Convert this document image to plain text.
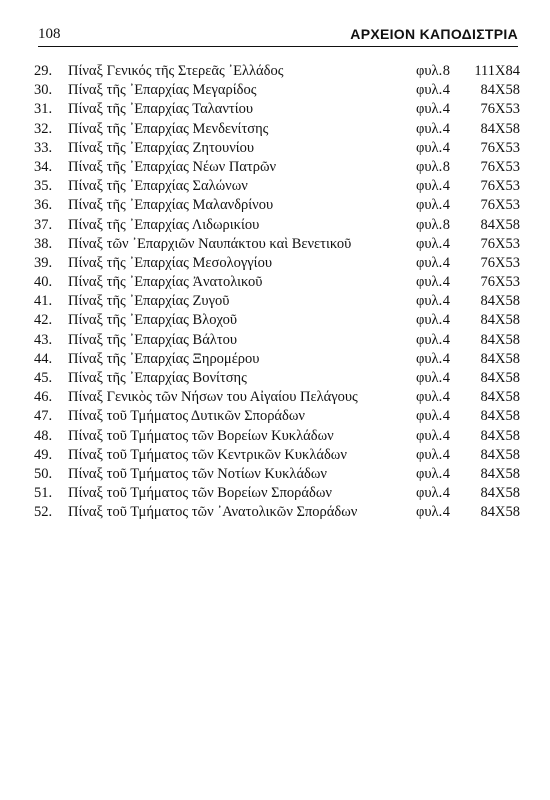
108	ΑΡΧΕΙΟΝ ΚΑΠΟΔΙΣΤΡΙΑ
29.	Πίναξ Γενικός τῆς Στερεᾶς ᾿Ελλάδος	φυλ. 8 111Χ84
30.	Πίναξ τῆς ᾿Επαρχίας Μεγαρίδος	φυλ. 4 84Χ58
31.	Πίναξ τῆς ᾿Επαρχίας Ταλαντίου	φυλ. 4 76Χ53
32.	Πίναξ τῆς ᾿Επαρχίας Μενδενίτσης	φυλ. 4 84Χ58
33.	Πίναξ τῆς ᾿Επαρχίας Ζητουνίου	φυλ. 4 76Χ53
34.	Πίναξ τῆς ᾿Επαρχίας Νέων Πατρῶν	φυλ. 8 76Χ53
35.	Πίναξ τῆς ᾿Επαρχίας Σαλώνων	φυλ. 4 76Χ53
36.	Πίναξ τῆς ᾿Επαρχίας Μαλανδρίνου	φυλ. 4 76Χ53
37.	Πίναξ τῆς ᾿Επαρχίας Λιδωρικίου	φυλ. 8 84Χ58
38.	Πίναξ τῶν ᾿Επαρχιῶν Ναυπάκτου καὶ Βενετικοῦ	φυλ. 4 76Χ53
39.	Πίναξ τῆς ᾿Επαρχίας Μεσολογγίου	φυλ. 4 76Χ53
40.	Πίναξ τῆς ᾿Επαρχίας Ἀνατολικοῦ	φυλ. 4 76Χ53
41.	Πίναξ τῆς ᾿Επαρχίας Ζυγοῦ	φυλ. 4 84Χ58
42.	Πίναξ τῆς ᾿Επαρχίας Βλοχοῦ	φυλ. 4 84Χ58
43.	Πίναξ τῆς ᾿Επαρχίας Βάλτου	φυλ. 4 84Χ58
44.	Πίναξ τῆς ᾿Επαρχίας Ξηρομέρου	φυλ. 4 84Χ58
45.	Πίναξ τῆς ᾿Επαρχίας Βονίτσης	φυλ. 4 84Χ58
46.	Πίναξ Γενικὸς τῶν Νήσων του Αἰγαίου Πελάγους	φυλ. 4 84Χ58
47.	Πίναξ τοῦ Τμήματος Δυτικῶν Σποράδων	φυλ. 4 84Χ58
48.	Πίναξ τοῦ Τμήματος τῶν Βορείων Κυκλάδων	φυλ. 4 84Χ58
49.	Πίναξ τοῦ Τμήματος τῶν Κεντρικῶν Κυκλάδων	φυλ. 4 84Χ58
50.	Πίναξ τοῦ Τμήματος τῶν Νοτίων Κυκλάδων	φυλ. 4 84Χ58
51.	Πίναξ τοῦ Τμήματος τῶν Βορείων Σποράδων	φυλ. 4 84Χ58
52.	Πίναξ τοῦ Τμήματος τῶν ᾿Ανατολικῶν Σποράδων	φυλ. 4 84Χ58
